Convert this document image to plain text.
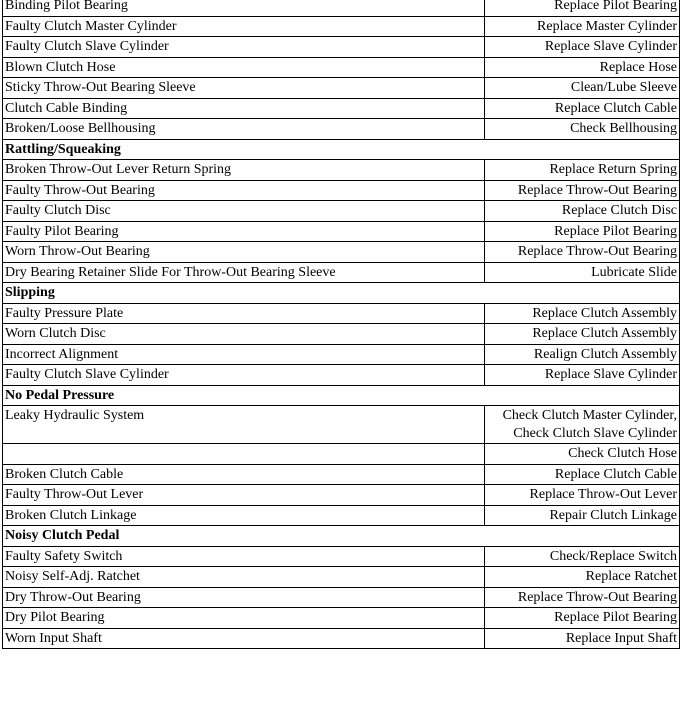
Binding Pilot Bearing	Replace Pilot Bearing
Faulty Clutch Master Cylinder	Replace Master Cylinder
Faulty Clutch Slave Cylinder	Replace Slave Cylinder
Blown Clutch Hose	Replace Hose
Sticky Throw-Out Bearing Sleeve	Clean/Lube Sleeve
Clutch Cable Binding	Replace Clutch Cable
Broken/Loose Bellhousing	Check Bellhousing
Rattling/Squeaking	
Broken Throw-Out Lever Return Spring	Replace Return Spring
Faulty Throw-Out Bearing	Replace Throw-Out Bearing
Faulty Clutch Disc	Replace Clutch Disc
Faulty Pilot Bearing	Replace Pilot Bearing
Worn Throw-Out Bearing	Replace Throw-Out Bearing
Dry Bearing Retainer Slide For Throw-Out Bearing Sleeve	Lubricate Slide
Slipping	
Faulty Pressure Plate	Replace Clutch Assembly
Worn Clutch Disc	Replace Clutch Assembly
Incorrect Alignment	Realign Clutch Assembly
Faulty Clutch Slave Cylinder	Replace Slave Cylinder
No Pedal Pressure	
Leaky Hydraulic System	Check Clutch Master Cylinder, Check Clutch Slave Cylinder
	Check Clutch Hose
Broken Clutch Cable	Replace Clutch Cable
Faulty Throw-Out Lever	Replace Throw-Out Lever
Broken Clutch Linkage	Repair Clutch Linkage
Noisy Clutch Pedal	
Faulty Safety Switch	Check/Replace Switch
Noisy Self-Adj. Ratchet	Replace Ratchet
Dry Throw-Out Bearing	Replace Throw-Out Bearing
Dry Pilot Bearing	Replace Pilot Bearing
Worn Input Shaft	Replace Input Shaft
